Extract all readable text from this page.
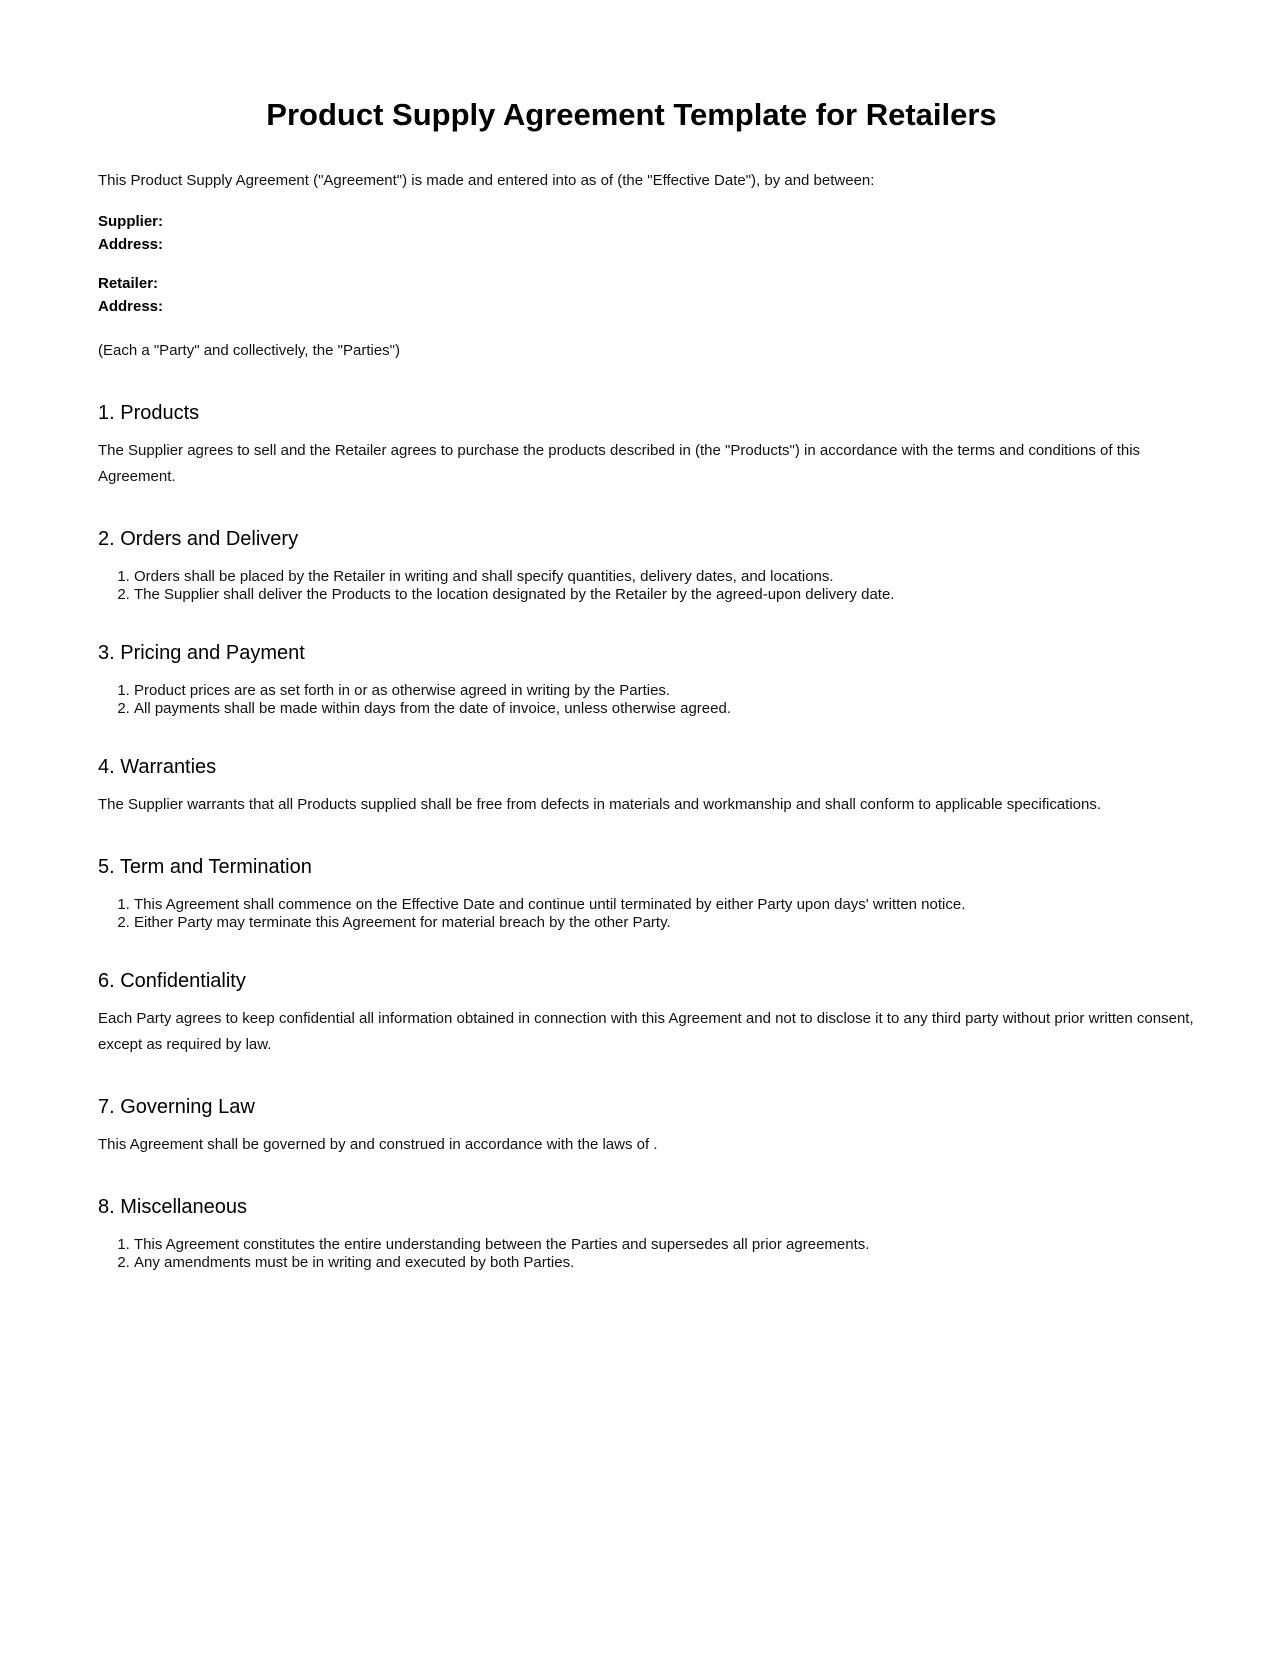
Product Supply Agreement Template for Retailers

This Product Supply Agreement ("Agreement") is made and entered into as of (the "Effective Date"), by and between:

Supplier:
Address:

Retailer:
Address:

(Each a "Party" and collectively, the "Parties")

1. Products

The Supplier agrees to sell and the Retailer agrees to purchase the products described in (the "Products") in accordance with the terms and conditions of this Agreement.

2. Orders and Delivery
1. Orders shall be placed by the Retailer in writing and shall specify quantities, delivery dates, and locations.
2. The Supplier shall deliver the Products to the location designated by the Retailer by the agreed-upon delivery date.
3. Pricing and Payment
1. Product prices are as set forth in or as otherwise agreed in writing by the Parties.
2. All payments shall be made within days from the date of invoice, unless otherwise agreed.
4. Warranties

The Supplier warrants that all Products supplied shall be free from defects in materials and workmanship and shall conform to applicable specifications.

5. Term and Termination
1. This Agreement shall commence on the Effective Date and continue until terminated by either Party upon days' written notice.
2. Either Party may terminate this Agreement for material breach by the other Party.
6. Confidentiality

Each Party agrees to keep confidential all information obtained in connection with this Agreement and not to disclose it to any third party without prior written consent, except as required by law.

7. Governing Law

This Agreement shall be governed by and construed in accordance with the laws of .

8. Miscellaneous
1. This Agreement constitutes the entire understanding between the Parties and supersedes all prior agreements.
2. Any amendments must be in writing and executed by both Parties.
